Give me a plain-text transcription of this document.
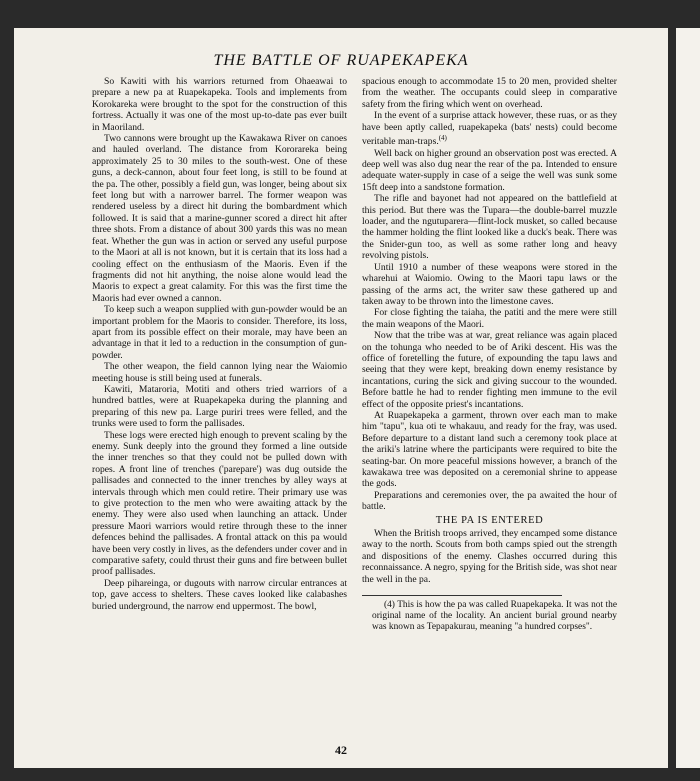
THE BATTLE OF RUAPEKAPEKA

So Kawiti with his warriors returned from Ohaeawai to prepare a new pa at Ruapekapeka. Tools and implements from Korokareka were brought to the spot for the construction of this fortress. Actually it was one of the most up-to-date pas ever built in Maoriland.

Two cannons were brought up the Kawakawa River on canoes and hauled overland. The distance from Kororareka being approximately 25 to 30 miles to the south-west. One of these guns, a deck-cannon, about four feet long, is still to be found at the pa. The other, possibly a field gun, was longer, being about six feet long but with a narrower barrel. The former weapon was rendered useless by a direct hit during the bombardment which followed. It is said that a marine-gunner scored a direct hit after three shots. From a distance of about 300 yards this was no mean feat. Whether the gun was in action or served any useful purpose to the Maori at all is not known, but it is certain that its loss had a cooling effect on the enthusiasm of the Maoris. Even if the fragments did not hit anything, the noise alone would lead the Maoris to expect a great calamity. For this was the first time the Maoris had ever owned a cannon.

To keep such a weapon supplied with gun-powder would be an important problem for the Maoris to consider. Therefore, its loss, apart from its possible effect on their morale, may have been an advantage in that it led to a reduction in the consumption of gun-powder.

The other weapon, the field cannon lying near the Waiomio meeting house is still being used at funerals.

Kawiti, Mataroria, Motiti and others tried warriors of a hundred battles, were at Ruapekapeka during the planning and preparing of this new pa. Large puriri trees were felled, and the trunks were used to form the pallisades.

These logs were erected high enough to prevent scaling by the enemy. Sunk deeply into the ground they formed a line outside the inner trenches so that they could not be pulled down with ropes. A front line of trenches ('parepare') was dug outside the pallisades and connected to the inner trenches by alley ways at intervals through which men could retire. Their primary use was to give protection to the men who were awaiting attack by the enemy. They were also used when launching an attack. Under pressure Maori warriors would retire through these to the inner defences behind the pallisades. A frontal attack on this pa would have been very costly in lives, as the defenders under cover and in comparative safety, could thrust their guns and fire between bullet proof pallisades.

Deep pihareinga, or dugouts with narrow circular entrances at top, gave access to shelters. These caves looked like calabashes buried underground, the narrow end uppermost. The bowl,

spacious enough to accommodate 15 to 20 men, provided shelter from the weather. The occupants could sleep in comparative safety from the firing which went on overhead.

In the event of a surprise attack however, these ruas, or as they have been aptly called, ruapekapeka (bats' nests) could become veritable man-traps.$^{(4)}$

Well back on higher ground an observation post was erected. A deep well was also dug near the rear of the pa. Intended to ensure adequate water-supply in case of a seige the well was sunk some 15ft deep into a sandstone formation.

The rifle and bayonet had not appeared on the battlefield at this period. But there was the Tupara—the double-barrel muzzle loader, and the ngutuparera—flint-lock musket, so called because the hammer holding the flint looked like a duck's beak. There was the Snider-gun too, as well as some rather long and heavy revolving pistols.

Until 1910 a number of these weapons were stored in the wharehui at Waiomio. Owing to the Maori tapu laws or the passing of the arms act, the writer saw these gathered up and taken away to be thrown into the limestone caves.

For close fighting the taiaha, the patiti and the mere were still the main weapons of the Maori.

Now that the tribe was at war, great reliance was again placed on the tohunga who needed to be of Ariki descent. His was the office of foretelling the future, of expounding the tapu laws and seeing that they were kept, breaking down enemy resistance by incantations, curing the sick and giving succour to the wounded. Before battle he had to render fighting men immune to the evil effect of the opposite priest's incantations.

At Ruapekapeka a garment, thrown over each man to make him "tapu", kua oti te whakauu, and ready for the fray, was used. Before departure to a distant land such a ceremony took place at the ariki's latrine where the participants were required to bite the seating-bar. On more peaceful missions however, a branch of the kawakawa tree was deposited on a ceremonial shrine to appease the gods.

Preparations and ceremonies over, the pa awaited the hour of battle.

THE PA IS ENTERED

When the British troops arrived, they encamped some distance away to the north. Scouts from both camps spied out the strength and dispositions of the enemy. Clashes occurred during this reconnaissance. A negro, spying for the British side, was shot near the well in the pa.

(4) This is how the pa was called Ruapekapeka. It was not the original name of the locality. An ancient burial ground nearby was known as Tepapakurau, meaning "a hundred corpses".

42
